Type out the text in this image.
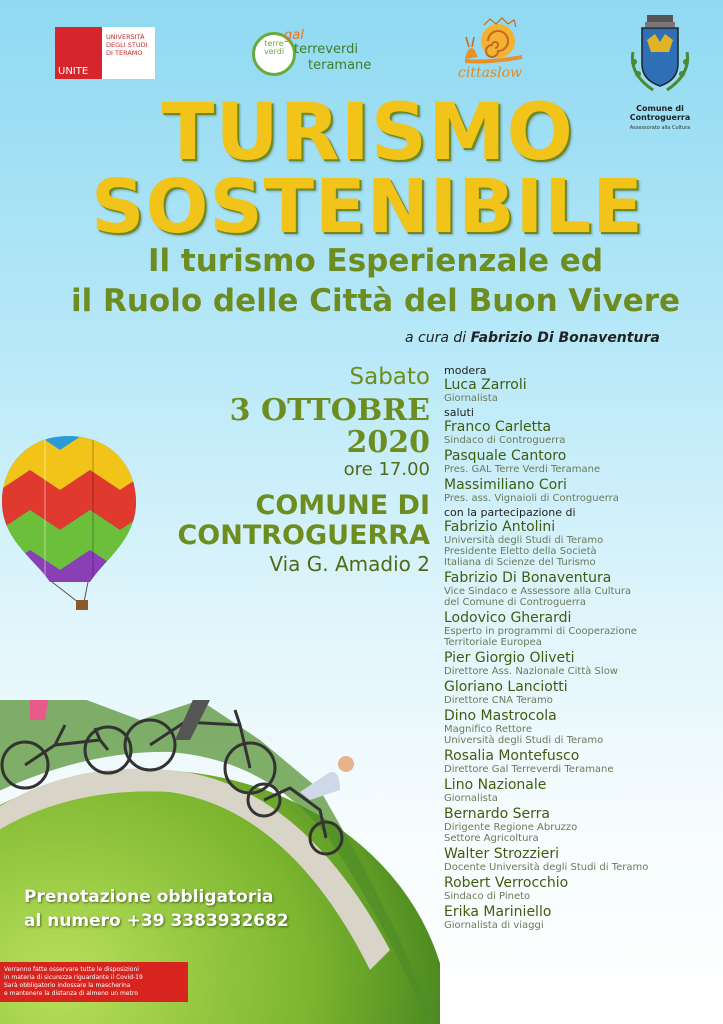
UNITE
UNIVERSITÀ
DEGLI STUDI
DI TERAMO
terre verdi
gal
terreverdi
teramane	cittaslow
Comune di Controguerra
Assessorato alla Cultura
TURISMO
SOSTENIBILE
Il turismo Esperienzale ed
il Ruolo delle Città del Buon Vivere
a cura di Fabrizio Di Bonaventura
Sabato
3 OTTOBRE
2020
ore 17.00
COMUNE DI
CONTROGUERRA
Via G. Amadio 2
modera
Luca Zarroli
Giornalista
saluti
Franco Carletta
Sindaco di Controguerra
Pasquale Cantoro
Pres. GAL Terre Verdi Teramane
Massimiliano Cori
Pres. ass. Vignaioli di Controguerra
con la partecipazione di
Fabrizio Antolini
Università degli Studi di Teramo
Presidente Eletto della Società
Italiana di Scienze del Turismo
Fabrizio Di Bonaventura
Vice Sindaco e Assessore alla Cultura
del Comune di Controguerra
Lodovico Gherardi
Esperto in programmi di Cooperazione
Territoriale Europea
Pier Giorgio Oliveti
Direttore Ass. Nazionale Città Slow
Gloriano Lanciotti
Direttore CNA Teramo
Dino Mastrocola
Magnifico Rettore
Università degli Studi di Teramo
Rosalia Montefusco
Direttore Gal Terreverdi Teramane
Lino Nazionale
Giornalista
Bernardo Serra
Dirigente Regione Abruzzo
Settore Agricoltura
Walter Strozzieri
Docente Università degli Studi di Teramo
Robert Verrocchio
Sindaco di Pineto
Erika Mariniello
Giornalista di viaggi
Prenotazione obbligatoria
al numero +39 3383932682
Verranno fatte osservare tutte le disposizioni
in materia di sicurezza riguardante il Covid-19
Sarà obbligatorio indossare la mascherina
e mantenere la distanza di almeno un metro
